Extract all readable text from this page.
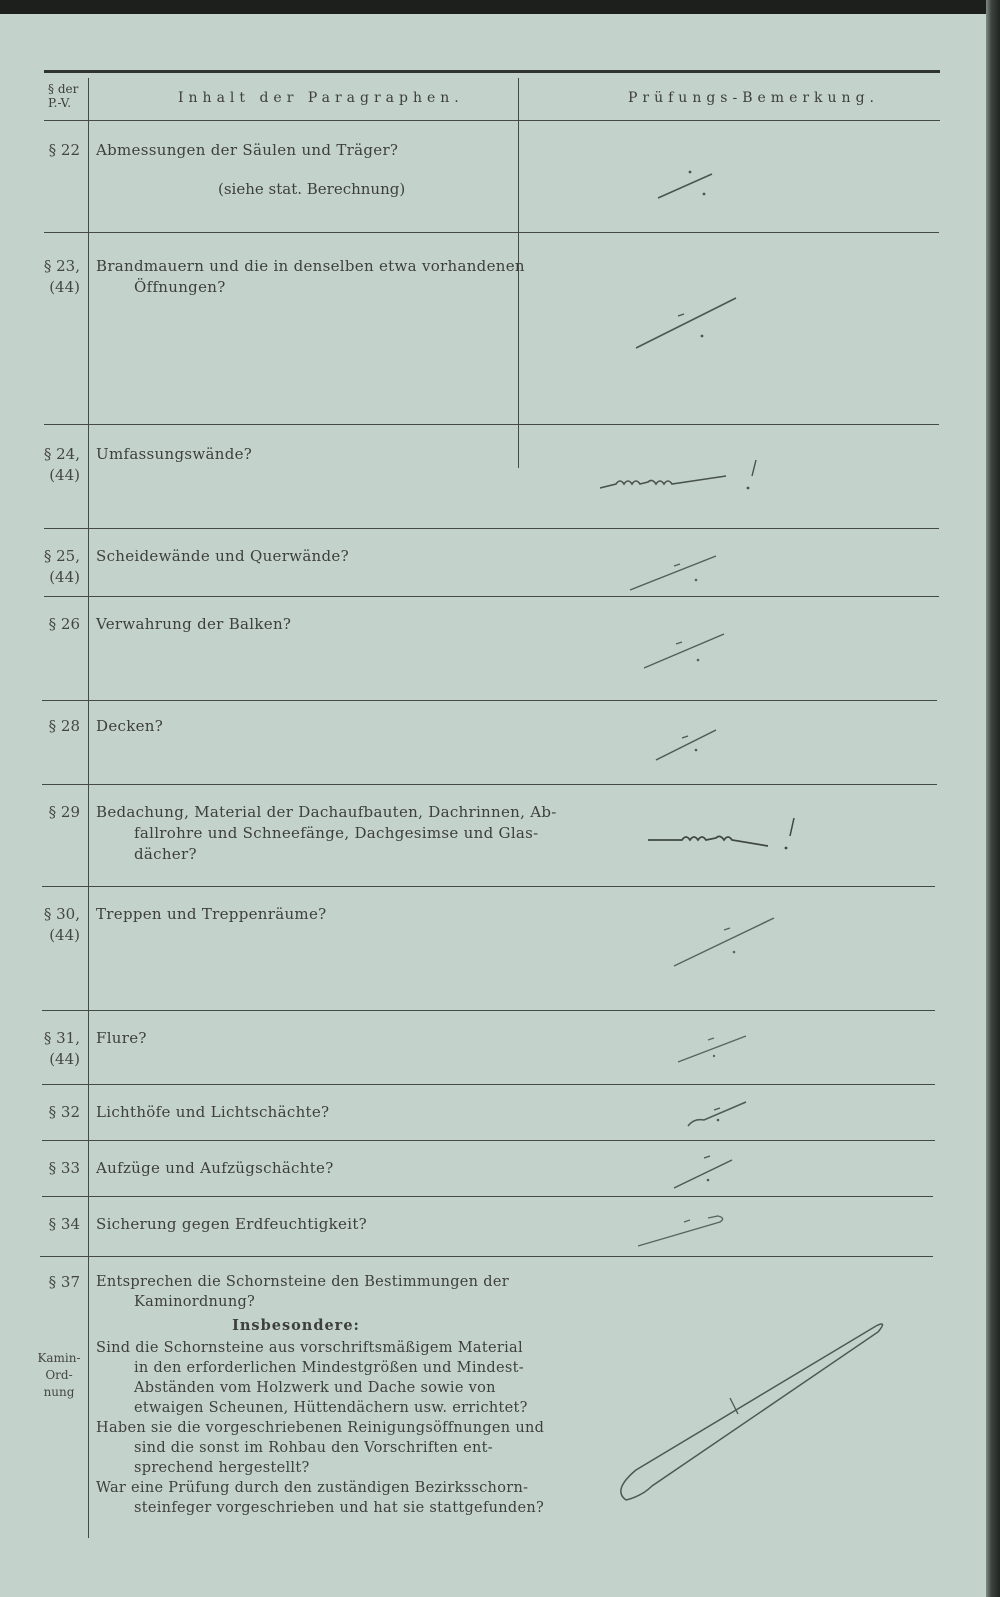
§ der
P.-V.	Inhalt der Paragraphen.	Prüfungs-Bemerkung.
§ 22 Abmessungen der Säulen und Träger?
(siehe stat. Berechnung)
§ 23,
(44)
Brandmauern und die in denselben etwa vorhandenen
Öffnungen?
§ 24,
(44)
Umfassungswände?
§ 25,
(44)
Scheidewände und Querwände?
§ 26 Verwahrung der Balken?
§ 28 Decken?
§ 29 Bedachung, Material der Dachaufbauten, Dachrinnen, Ab-
fallrohre und Schneefänge, Dachgesimse und Glas-
dächer?
§ 30,
(44)
Treppen und Treppenräume?
§ 31,
(44)
Flure?
§ 32 Lichthöfe und Lichtschächte?
§ 33 Aufzüge und Aufzügschächte?
§ 34 Sicherung gegen Erdfeuchtigkeit?
§ 37
Kamin-
Ord-
nung
Entsprechen die Schornsteine den Bestimmungen der
Kaminordnung?
Insbesondere:
Sind die Schornsteine aus vorschriftsmäßigem Material
in den erforderlichen Mindestgrößen und Mindest-
Abständen vom Holzwerk und Dache sowie von
etwaigen Scheunen, Hüttendächern usw. errichtet?
Haben sie die vorgeschriebenen Reinigungsöffnungen und
sind die sonst im Rohbau den Vorschriften ent-
sprechend hergestellt?
War eine Prüfung durch den zuständigen Bezirksschorn-
steinfeger vorgeschrieben und hat sie stattgefunden?
